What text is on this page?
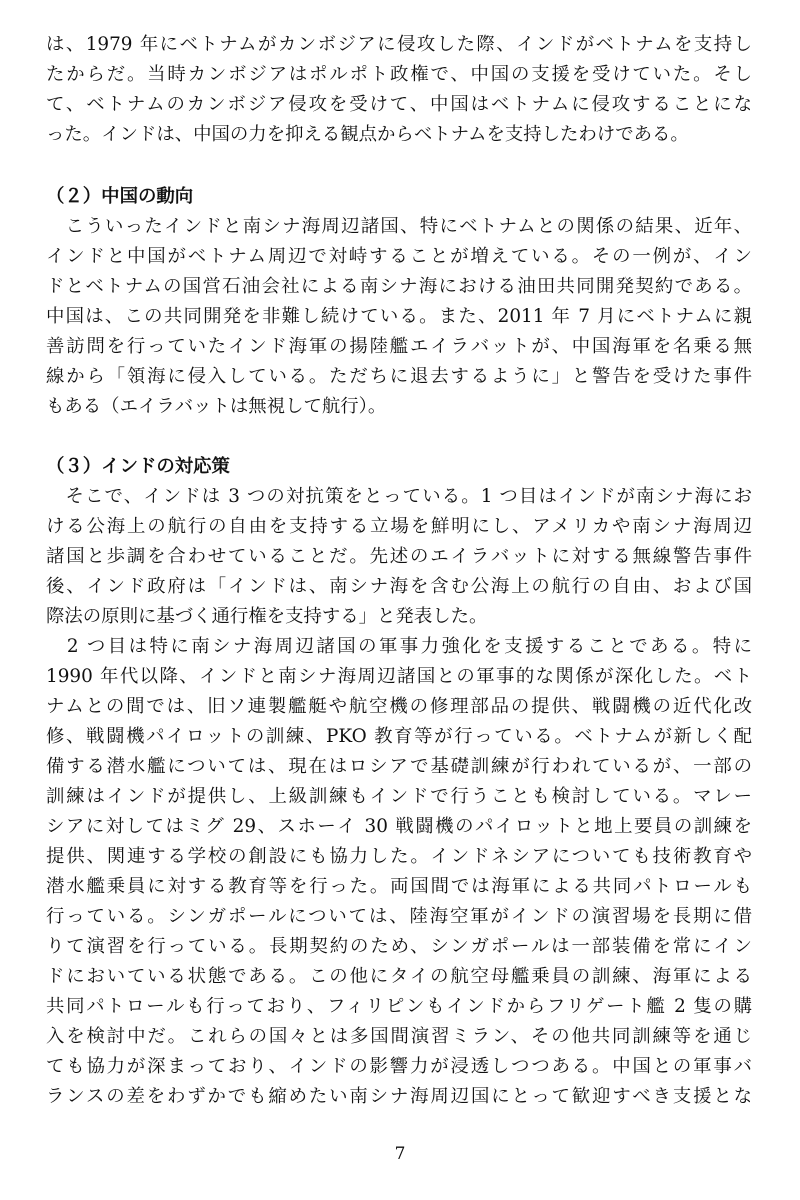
は、1979 年にベトナムがカンボジアに侵攻した際、インドがベトナムを支持し
たからだ。当時カンボジアはポルポト政権で、中国の支援を受けていた。そし
て、ベトナムのカンボジア侵攻を受けて、中国はベトナムに侵攻することにな
った。インドは、中国の力を抑える観点からベトナムを支持したわけである。
（２）中国の動向
　こういったインドと南シナ海周辺諸国、特にベトナムとの関係の結果、近年、
インドと中国がベトナム周辺で対峙することが増えている。その一例が、イン
ドとベトナムの国営石油会社による南シナ海における油田共同開発契約である。
中国は、この共同開発を非難し続けている。また、2011 年 7 月にベトナムに親
善訪問を行っていたインド海軍の揚陸艦エイラバットが、中国海軍を名乗る無
線から「領海に侵入している。ただちに退去するように」と警告を受けた事件
もある（エイラバットは無視して航行）。
（３）インドの対応策
　そこで、インドは 3 つの対抗策をとっている。1 つ目はインドが南シナ海にお
ける公海上の航行の自由を支持する立場を鮮明にし、アメリカや南シナ海周辺
諸国と歩調を合わせていることだ。先述のエイラバットに対する無線警告事件
後、インド政府は「インドは、南シナ海を含む公海上の航行の自由、および国
際法の原則に基づく通行権を支持する」と発表した。
　2 つ目は特に南シナ海周辺諸国の軍事力強化を支援することである。特に
1990 年代以降、インドと南シナ海周辺諸国との軍事的な関係が深化した。ベト
ナムとの間では、旧ソ連製艦艇や航空機の修理部品の提供、戦闘機の近代化改
修、戦闘機パイロットの訓練、PKO 教育等が行っている。ベトナムが新しく配
備する潜水艦については、現在はロシアで基礎訓練が行われているが、一部の
訓練はインドが提供し、上級訓練もインドで行うことも検討している。マレー
シアに対してはミグ 29、スホーイ 30 戦闘機のパイロットと地上要員の訓練を
提供、関連する学校の創設にも協力した。インドネシアについても技術教育や
潜水艦乗員に対する教育等を行った。両国間では海軍による共同パトロールも
行っている。シンガポールについては、陸海空軍がインドの演習場を長期に借
りて演習を行っている。長期契約のため、シンガポールは一部装備を常にイン
ドにおいている状態である。この他にタイの航空母艦乗員の訓練、海軍による
共同パトロールも行っており、フィリピンもインドからフリゲート艦 2 隻の購
入を検討中だ。これらの国々とは多国間演習ミラン、その他共同訓練等を通じ
ても協力が深まっており、インドの影響力が浸透しつつある。中国との軍事バ
ランスの差をわずかでも縮めたい南シナ海周辺国にとって歓迎すべき支援とな
7
